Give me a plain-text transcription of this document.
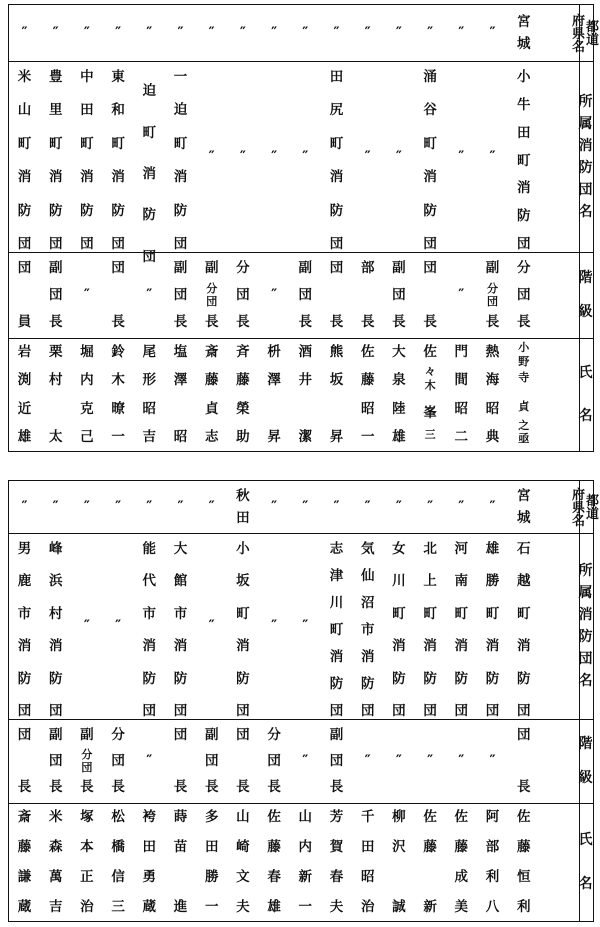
都
道
府
県
名
所
属
消
防
団
名
階
級
氏
名
″
米
山
町
消
防
団
団
員
岩
渕
近
雄
″
豊
里
町
消
防
団
副
団
長
栗
村
太
″
中
田
町
消
防
団
″
堀
内
克
己
″
東
和
町
消
防
団
団
長
鈴
木
暸
一
″
迫
町
消
防
団
″
尾
形
昭
吉
″
一
迫
町
消
防
団
副
団
長
塩
澤
昭
″
″
副
分
団
長
斎
藤
貞
志
″
″
分
団
長
斉
藤
榮
助
″
″
″
枡
澤
昇
″
″
副
団
長
酒
井
潔
″
田
尻
町
消
防
団
団
長
熊
坂
昇
″
″
部
長
佐
藤
昭
一
″
″
副
団
長
大
泉
陸
雄
″
涌
谷
町
消
防
団
団
長
佐
々
木
峯
三
″
″
″
門
間
昭
二
″
″
副
分
団
長
熱
海
昭
典
宮
城
小
牛
田
町
消
防
団
分
団
長
小
野
寺
貞
之
亟
都
道
府
県
名
所
属
消
防
団
名
階
級
氏
名
″
男
鹿
市
消
防
団
団
長
斎
藤
謙
蔵
″
峰
浜
村
消
防
団
副
団
長
米
森
萬
吉
″
″
副
分
団
長
塚
本
正
治
″
″
分
団
長
松
橋
信
三
″
能
代
市
消
防
団
″
袴
田
勇
蔵
″
大
館
市
消
防
団
団
長
蒔
苗
進
″
″
副
団
長
多
田
勝
一
秋
田
小
坂
町
消
防
団
団
長
山
崎
文
夫
″
″
分
団
長
佐
藤
春
雄
″
″
″
山
内
新
一
″
志
津
川
町
消
防
団
副
団
長
芳
賀
春
夫
″
気
仙
沼
市
消
防
団
″
千
田
昭
治
″
女
川
町
消
防
団
″
柳
沢
誠
″
北
上
町
消
防
団
″
佐
藤
新
″
河
南
町
消
防
団
″
佐
藤
成
美
″
雄
勝
町
消
防
団
″
阿
部
利
八
宮
城
石
越
町
消
防
団
団
長
佐
藤
恒
利
